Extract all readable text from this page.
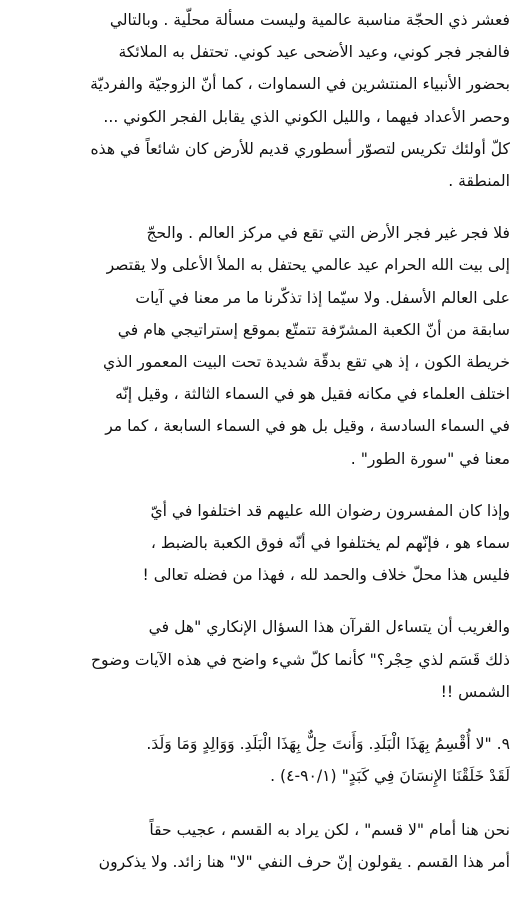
فعشر ذي الحجّة مناسبة عالمية وليست مسألة محلّية . وبالتالي
فالفجر فجر كوني، وعيد الأضحى عيد كوني. تحتفل به الملائكة
بحضور الأنبياء المنتشرين في السماوات ، كما أنّ الزوجيّة والفرديّة
وحصر الأعداد فيهما ، والليل الكوني الذي يقابل الفجر الكوني ...
كلّ أولئك تكريس لتصوّر أسطوري قديم للأرض كان شائعاً في هذه
المنطقة .

فلا فجر غير فجر الأرض التي تقع في مركز العالم . والحجّ
إلى بيت الله الحرام عيد عالمي يحتفل به الملأ الأعلى ولا يقتصر
على العالم الأسفل. ولا سيّما إذا تذكّرنا ما مر معنا في آيات
سابقة من أنّ الكعبة المشرّفة تتمتّع بموقع إستراتيجي هام في
خريطة الكون ، إذ هي تقع بدقّة شديدة تحت البيت المعمور الذي
اختلف العلماء في مكانه فقيل هو في السماء الثالثة ، وقيل إنّه
في السماء السادسة ، وقيل بل هو في السماء السابعة ، كما مر
معنا في "سورة الطور" .

وإذا كان المفسرون رضوان الله عليهم قد اختلفوا في أيّ
سماء هو ، فإنّهم لم يختلفوا في أنّه فوق الكعبة بالضبط ،
فليس هذا محلّ خلاف والحمد لله ، فهذا من فضله تعالى !

والغريب أن يتساءل القرآن هذا السؤال الإنكاري "هل في
ذلك قَسَم لذي حِجْر؟" كأنما كلّ شيء واضح في هذه الآيات وضوح
الشمس !!

٩. "لا أُقْسِمُ بِهَذَا الْبَلَدِ. وَأَنتَ حِلٌّ بِهَذَا الْبَلَدِ. وَوَالِدٍ وَمَا وَلَدَ.
لَقَدْ خَلَقْنَا الإِنسَانَ فِي كَبَدٍ" (٩٠/١-٤) .

نحن هنا أمام "لا قسم" ، لكن يراد به القسم ، عجيب حقاً
أمر هذا القسم . يقولون إنّ حرف النفي "لا" هنا زائد. ولا يذكرون
